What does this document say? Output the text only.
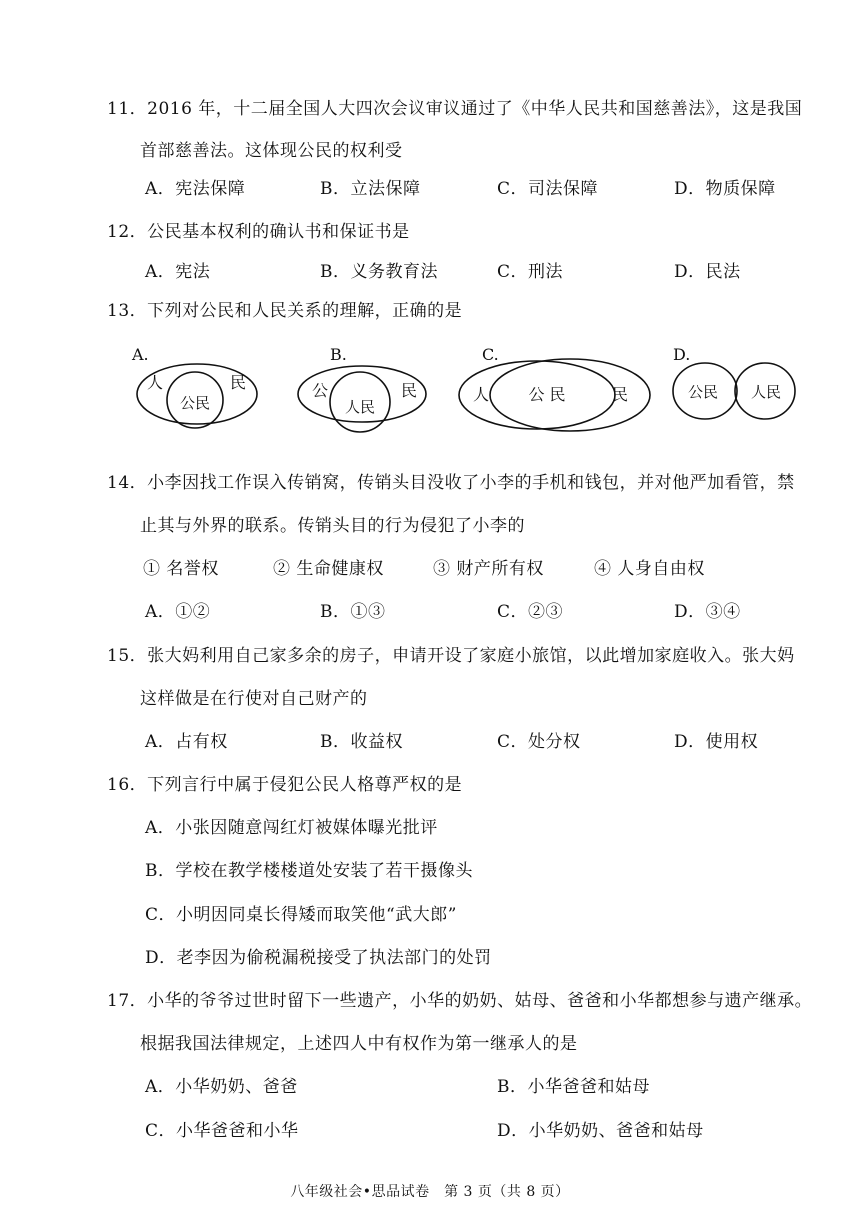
11．2016 年，十二届全国人大四次会议审议通过了《中华人民共和国慈善法》，这是我国
首部慈善法。这体现公民的权利受
A．宪法保障	B．立法保障	C．司法保障	D．物质保障
12．公民基本权利的确认书和保证书是
A．宪法	B．义务教育法	C．刑法	D．民法
13．下列对公民和人民关系的理解，正确的是
A.
人	民
公民
B.
公	民
人民
C.
人 公 民	民
D.
公民 人民
14．小李因找工作误入传销窝，传销头目没收了小李的手机和钱包，并对他严加看管，禁
止其与外界的联系。传销头目的行为侵犯了小李的
① 名誉权	② 生命健康权	③ 财产所有权	④ 人身自由权
A．①②	B．①③	C．②③	D．③④
15．张大妈利用自己家多余的房子，申请开设了家庭小旅馆，以此增加家庭收入。张大妈
这样做是在行使对自己财产的
A．占有权	B．收益权	C．处分权	D．使用权
16．下列言行中属于侵犯公民人格尊严权的是
A．小张因随意闯红灯被媒体曝光批评
B．学校在教学楼楼道处安装了若干摄像头
C．小明因同桌长得矮而取笑他“武大郎”
D．老李因为偷税漏税接受了执法部门的处罚
17．小华的爷爷过世时留下一些遗产，小华的奶奶、姑母、爸爸和小华都想参与遗产继承。
根据我国法律规定，上述四人中有权作为第一继承人的是
A．小华奶奶、爸爸	B．小华爸爸和姑母
C．小华爸爸和小华	D．小华奶奶、爸爸和姑母
八年级社会•思品试卷　第 3 页（共 8 页）
